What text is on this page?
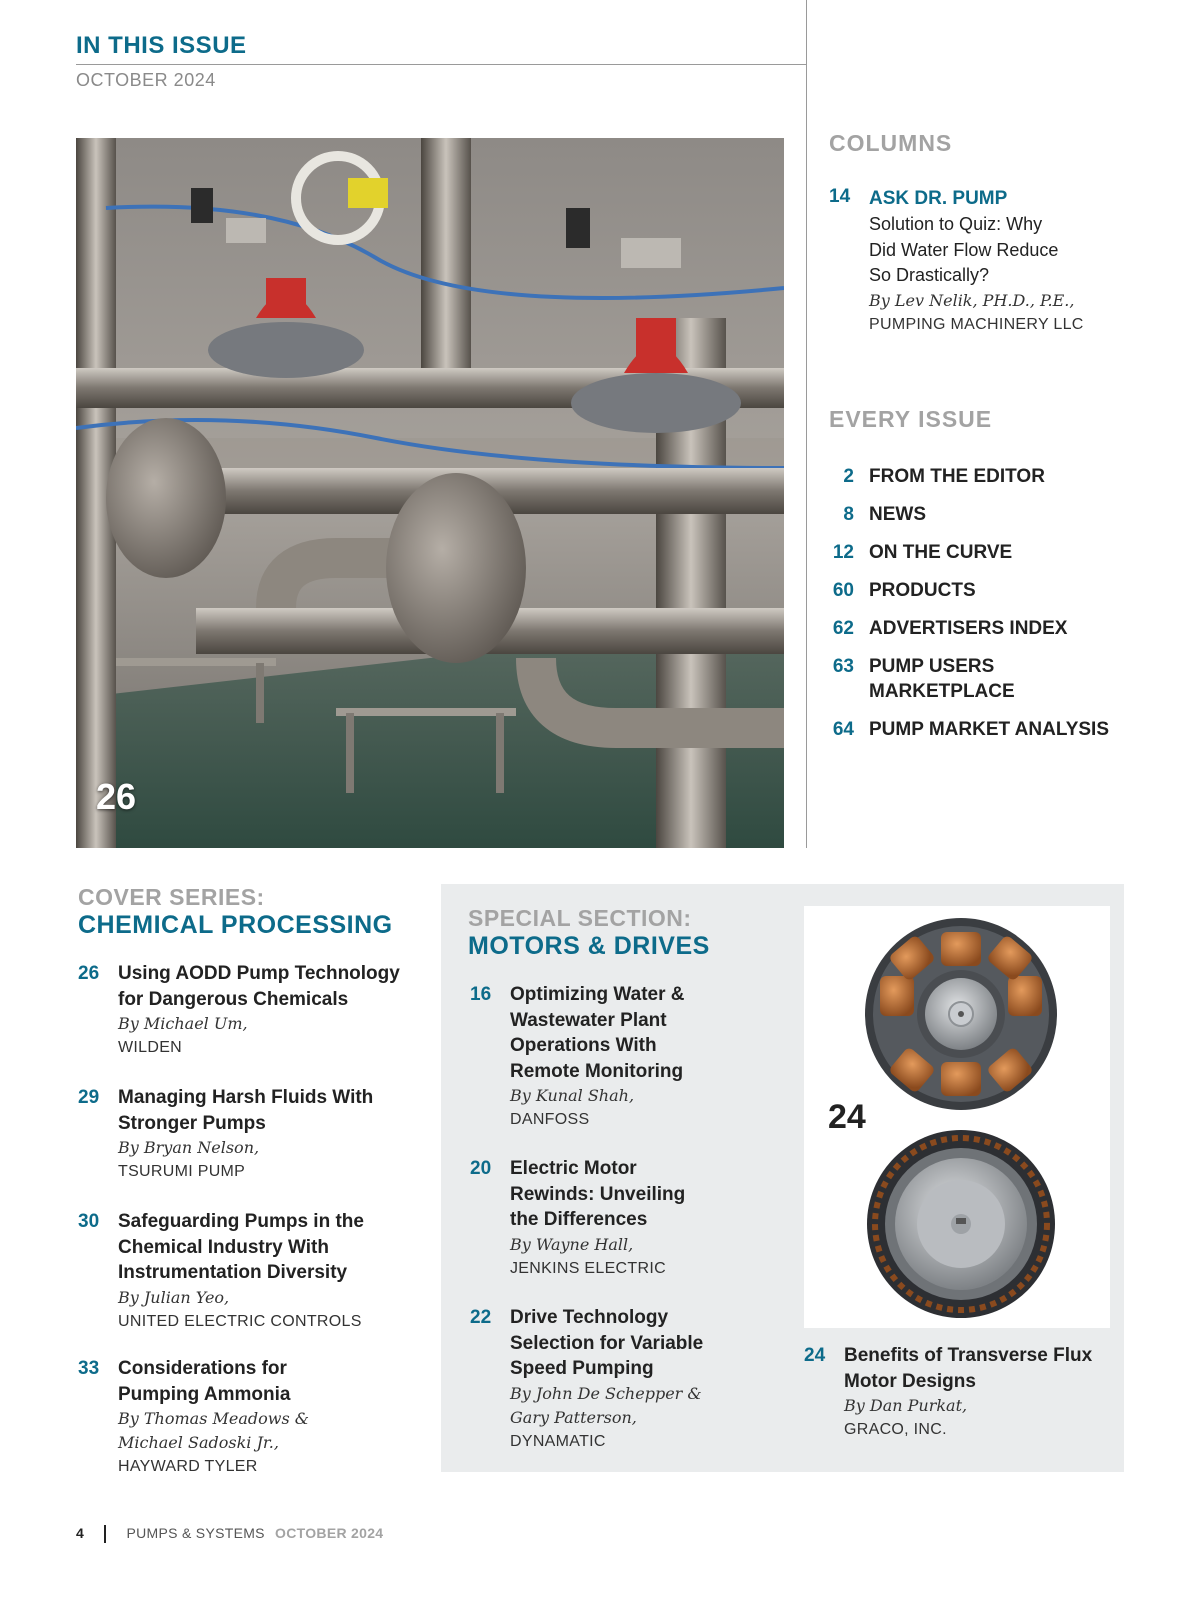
IN THIS ISSUE
OCTOBER 2024
26
COLUMNS
14 ASK DR. PUMP
Solution to Quiz: Why Did Water Flow Reduce So Drastically?
By Lev Nelik, PH.D., P.E.,
PUMPING MACHINERY LLC
EVERY ISSUE
2 FROM THE EDITOR
8 NEWS
12 ON THE CURVE
60 PRODUCTS
62 ADVERTISERS INDEX
63 PUMP USERS MARKETPLACE
64 PUMP MARKET ANALYSIS
COVER SERIES:
CHEMICAL PROCESSING
26 Using AODD Pump Technology for Dangerous Chemicals
By Michael Um,
WILDEN
29 Managing Harsh Fluids With Stronger Pumps
By Bryan Nelson,
TSURUMI PUMP
30 Safeguarding Pumps in the Chemical Industry With Instrumentation Diversity
By Julian Yeo,
UNITED ELECTRIC CONTROLS
33 Considerations for Pumping Ammonia
By Thomas Meadows & Michael Sadoski Jr.,
HAYWARD TYLER
SPECIAL SECTION:
MOTORS & DRIVES
16 Optimizing Water & Wastewater Plant Operations With Remote Monitoring
By Kunal Shah,
DANFOSS
20 Electric Motor Rewinds: Unveiling the Differences
By Wayne Hall,
JENKINS ELECTRIC
22 Drive Technology Selection for Variable Speed Pumping
By John De Schepper & Gary Patterson,
DYNAMATIC
24
24 Benefits of Transverse Flux Motor Designs
By Dan Purkat,
GRACO, INC.
4	PUMPS & SYSTEMS OCTOBER 2024
